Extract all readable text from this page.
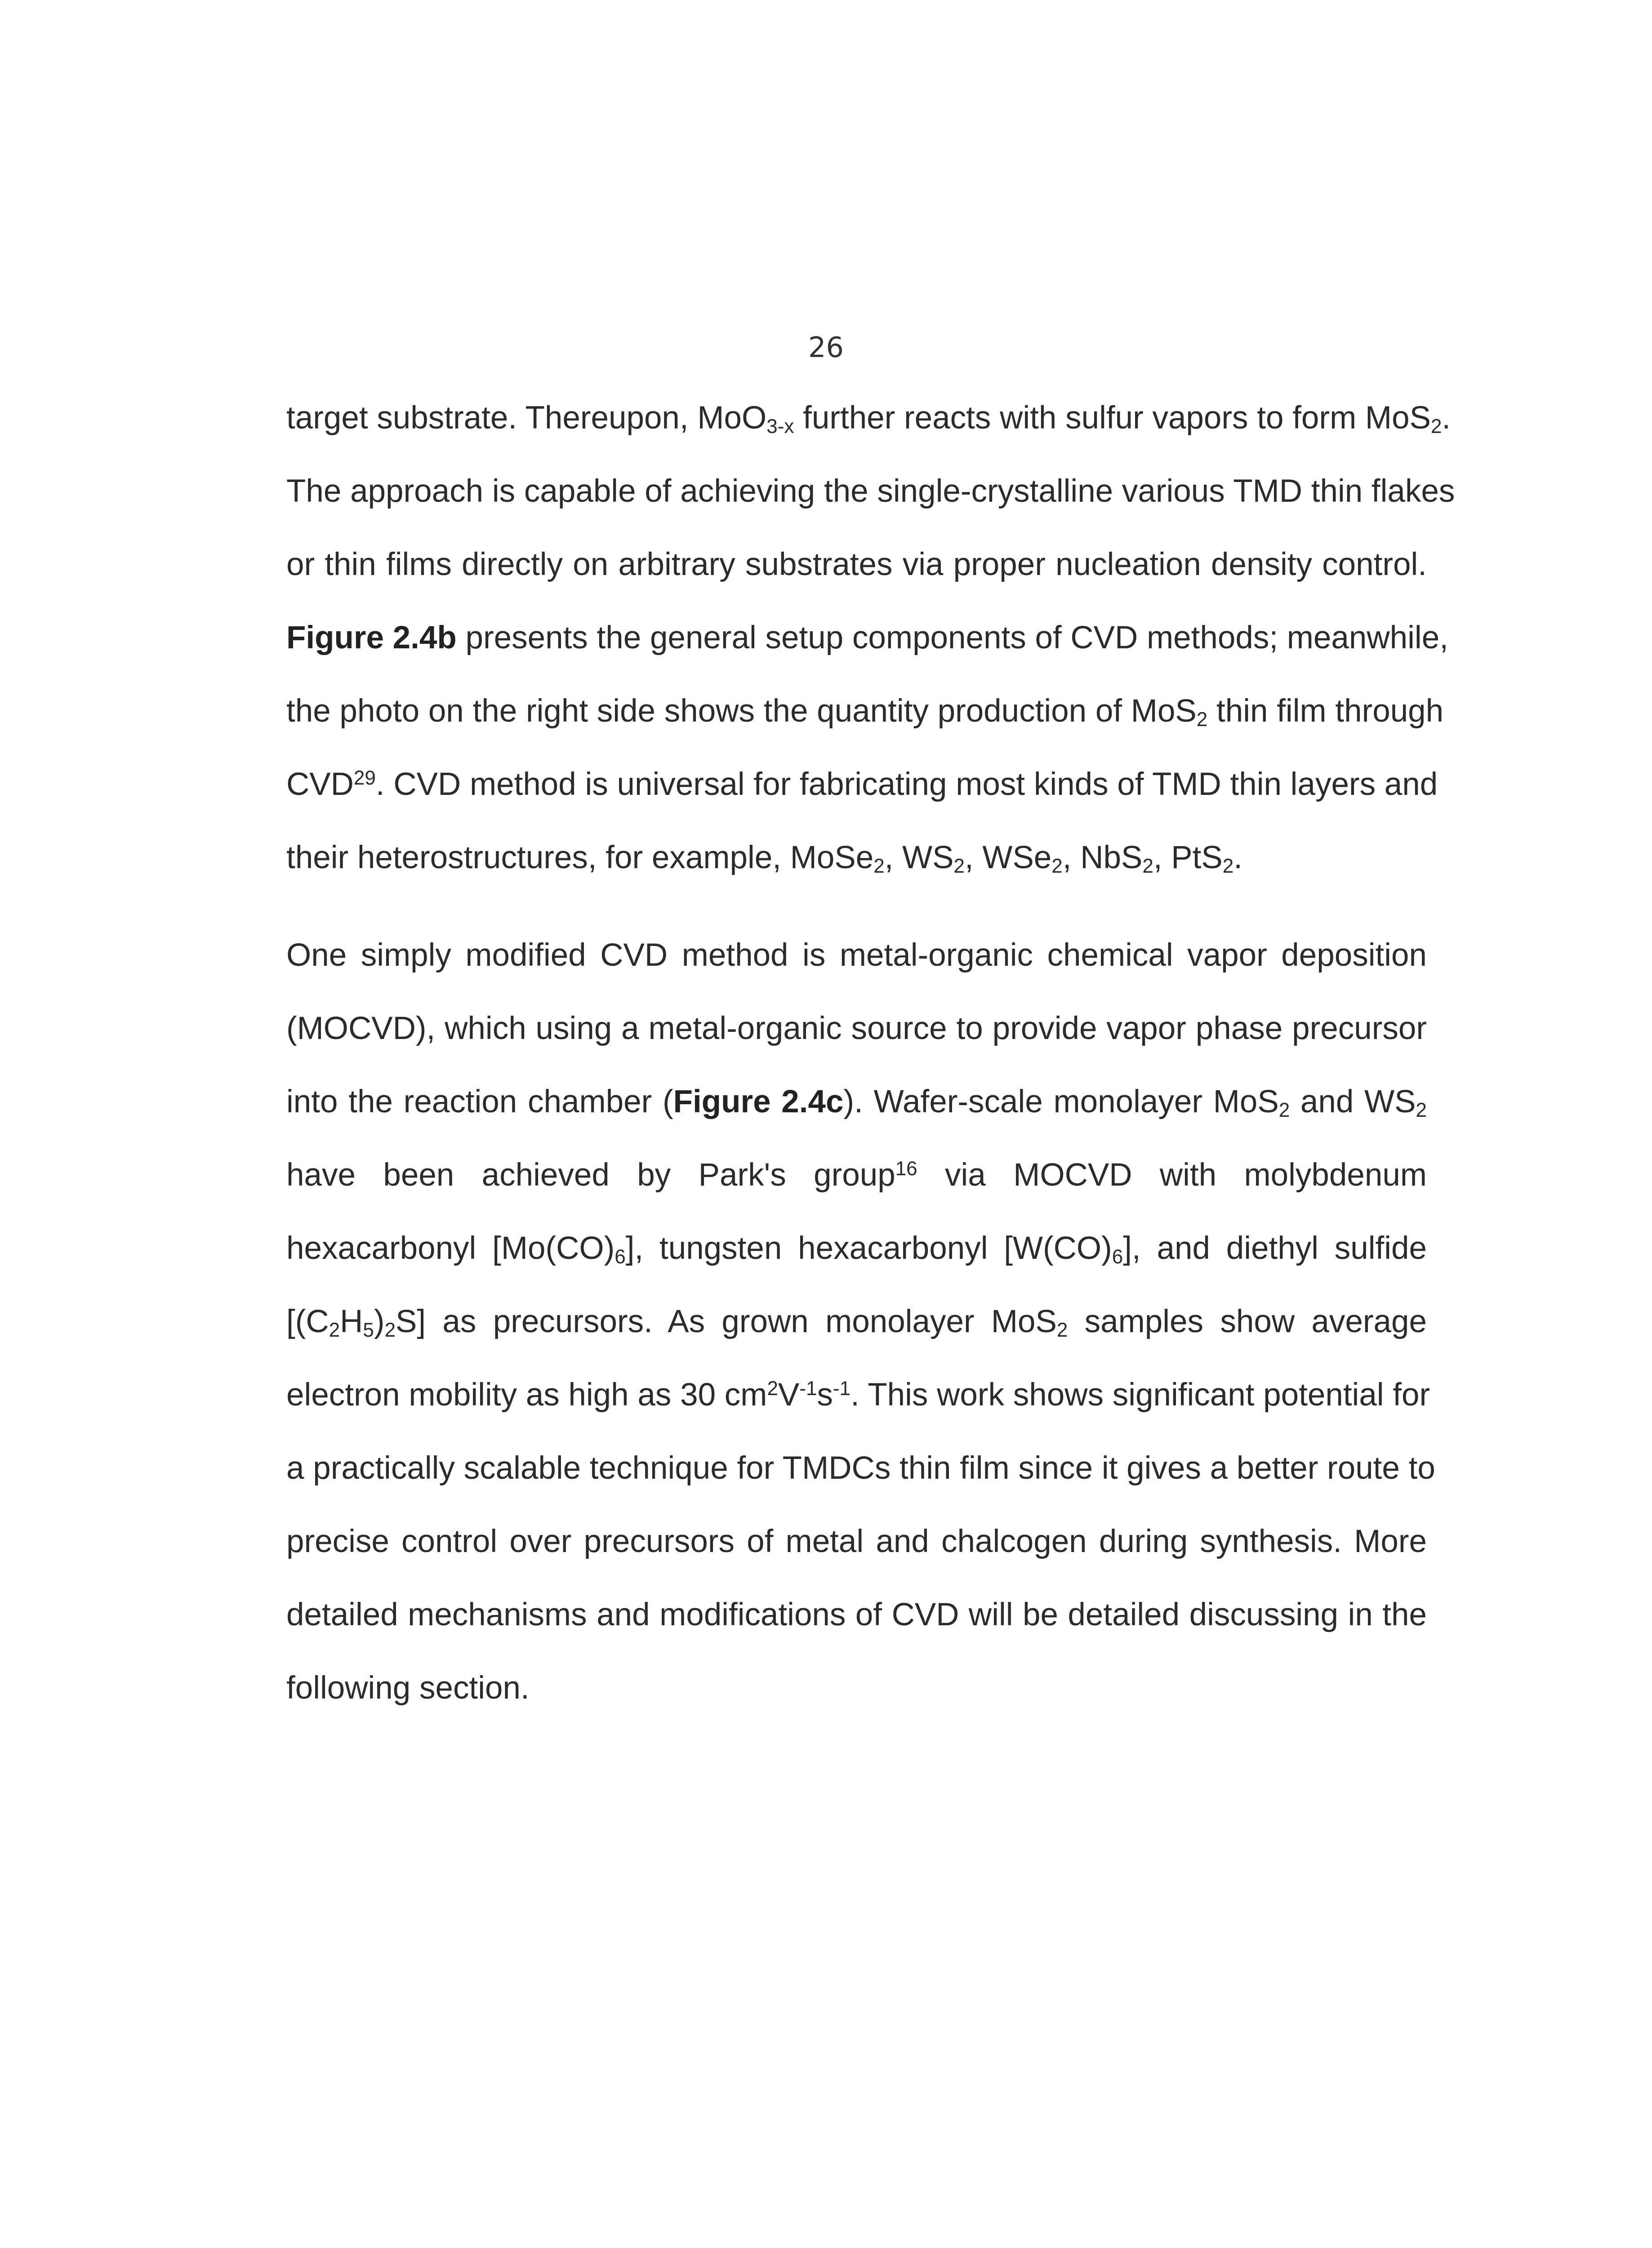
26
target substrate. Thereupon, MoO3-x further reacts with sulfur vapors to form MoS2.
The approach is capable of achieving the single-crystalline various TMD thin flakes
or thin films directly on arbitrary substrates via proper nucleation density control.
Figure 2.4b presents the general setup components of CVD methods; meanwhile,
the photo on the right side shows the quantity production of MoS2 thin film through
CVD$^{29}$. CVD method is universal for fabricating most kinds of TMD thin layers and
their heterostructures, for example, MoSe2, WS2, WSe2, NbS2, PtS2.
One simply modified CVD method is metal-organic chemical vapor deposition
(MOCVD), which using a metal-organic source to provide vapor phase precursor
into the reaction chamber (Figure 2.4c). Wafer-scale monolayer MoS2 and WS2
have been achieved by Park's group$^{16}$ via MOCVD with molybdenum
hexacarbonyl [Mo(CO)6], tungsten hexacarbonyl [W(CO)6], and diethyl sulfide
[(C2H5)2S] as precursors. As grown monolayer MoS2 samples show average
electron mobility as high as 30 $cm^2V^{-1}s^{-1}$. This work shows significant potential for
a practically scalable technique for TMDCs thin film since it gives a better route to
precise control over precursors of metal and chalcogen during synthesis. More
detailed mechanisms and modifications of CVD will be detailed discussing in the
following section.
